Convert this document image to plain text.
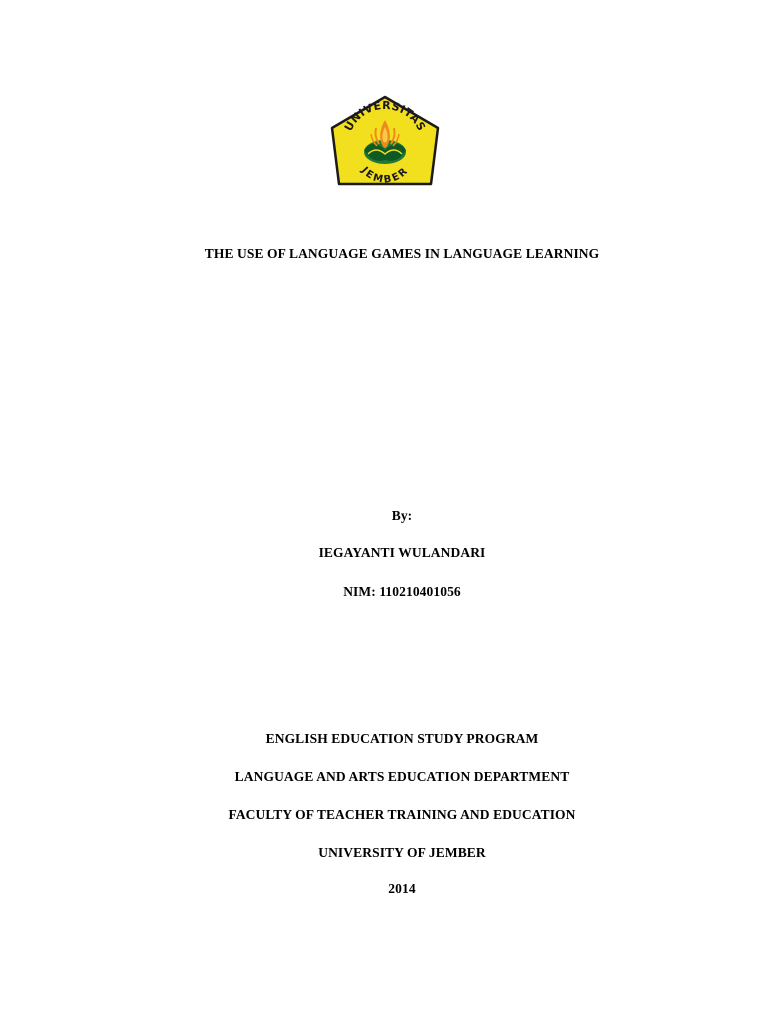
UNIVERSITAS
JEMBER
THE USE OF LANGUAGE GAMES IN LANGUAGE LEARNING
By:
IEGAYANTI WULANDARI
NIM: 110210401056
ENGLISH EDUCATION STUDY PROGRAM
LANGUAGE AND ARTS EDUCATION DEPARTMENT
FACULTY OF TEACHER TRAINING AND EDUCATION
UNIVERSITY OF JEMBER
2014
